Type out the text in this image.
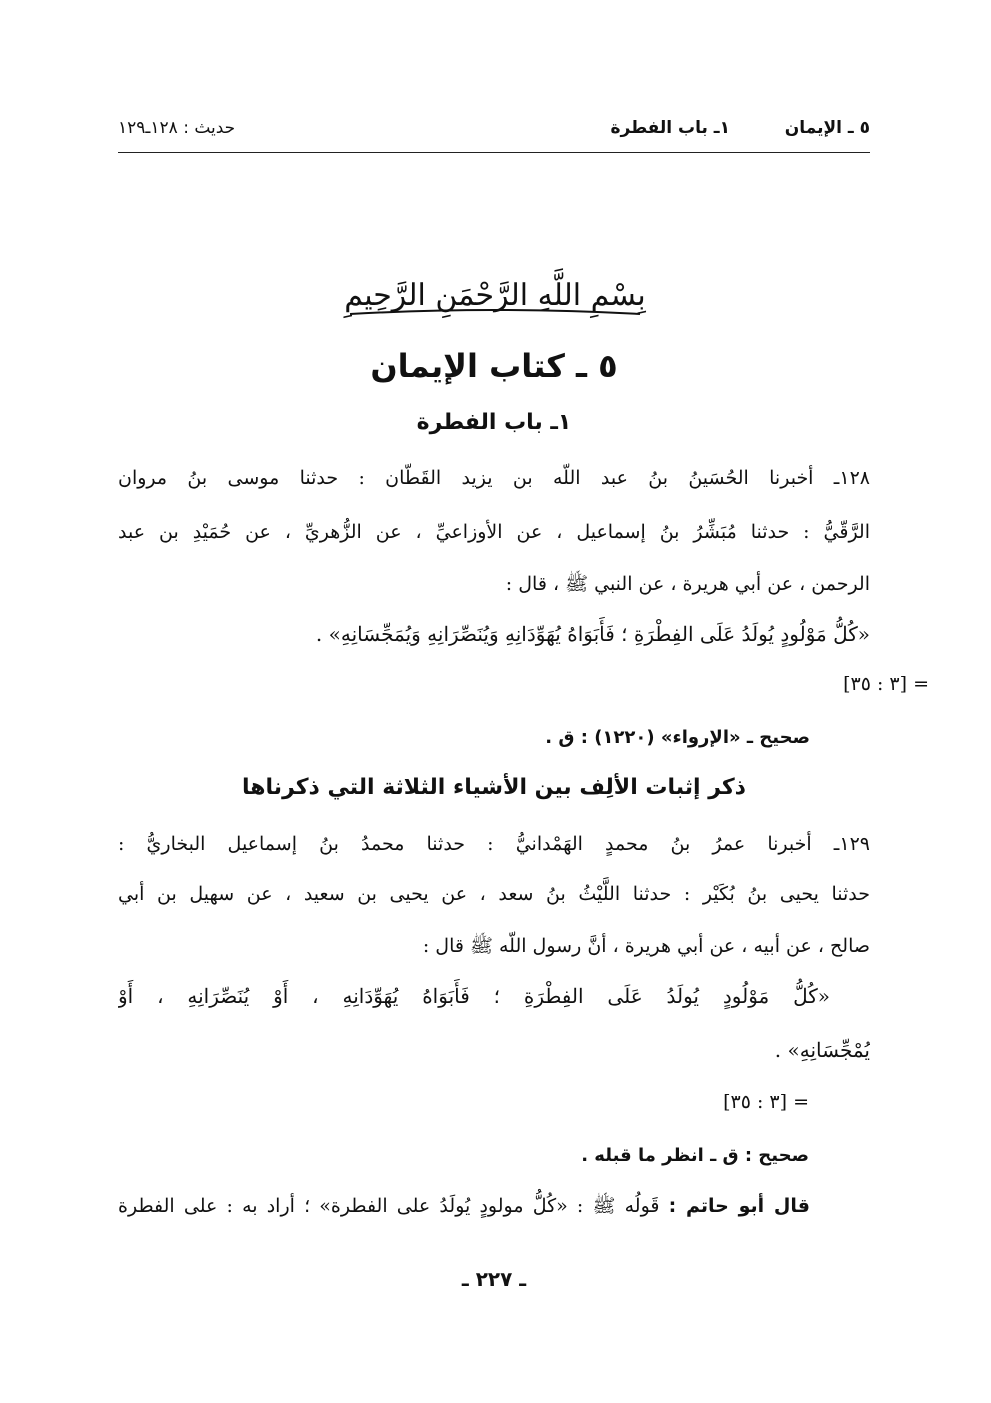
٥ ـ الإيمان
١ـ باب الفطرة
حديث : ١٢٨ـ١٢٩
بِسْمِ اللَّهِ الرَّحْمَنِ الرَّحِيمِ
٥ ـ كتاب الإيمان
١ـ باب الفطرة
١٢٨ـ أخبرنا الحُسَينُ بنُ عبد اللّه بن يزيد القَطّان : حدثنا موسى بنُ مروان
الرَّقّيُّ : حدثنا مُبَشِّرُ بنُ إسماعيل ، عن الأوزاعيِّ ، عن الزُّهريِّ ، عن حُمَيْدِ بن عبد
الرحمن ، عن أبي هريرة ، عن النبي ﷺ ، قال :
«كُلُّ مَوْلُودٍ يُولَدُ عَلَى الفِطْرَةِ ؛ فَأَبَوَاهُ يُهَوِّدَانِهِ وَيُنَصِّرَانِهِ وَيُمَجِّسَانِهِ» .
= [٣ : ٣٥]
صحيح ـ «الإرواء» (١٢٢٠) : ق .
ذكر إثبات الألِف بين الأشياء الثلاثة التي ذكرناها
١٢٩ـ أخبرنا عمرُ بنُ محمدٍ الهَمْدانيُّ : حدثنا محمدُ بنُ إسماعيل البخاريُّ :
حدثنا يحيى بنُ بُكَيْر : حدثنا اللَّيْثُ بنُ سعد ، عن يحيى بن سعيد ، عن سهيل بن أبي
صالح ، عن أبيه ، عن أبي هريرة ، أنَّ رسول اللّه ﷺ قال :
«كُلُّ مَوْلُودٍ يُولَدُ عَلَى الفِطْرَةِ ؛ فَأَبَوَاهُ يُهَوِّدَانِهِ ، أَوْ يُنَصِّرَانِهِ ، أَوْ
يُمْجِّسَانِهِ» .
= [٣ : ٣٥]
صحيح : ق ـ انظر ما قبله .
قال أبو حاتم : قَولُه ﷺ : «كُلُّ مولودٍ يُولَدُ على الفطرة» ؛ أراد به : على الفطرة
ـ ٢٢٧ ـ
